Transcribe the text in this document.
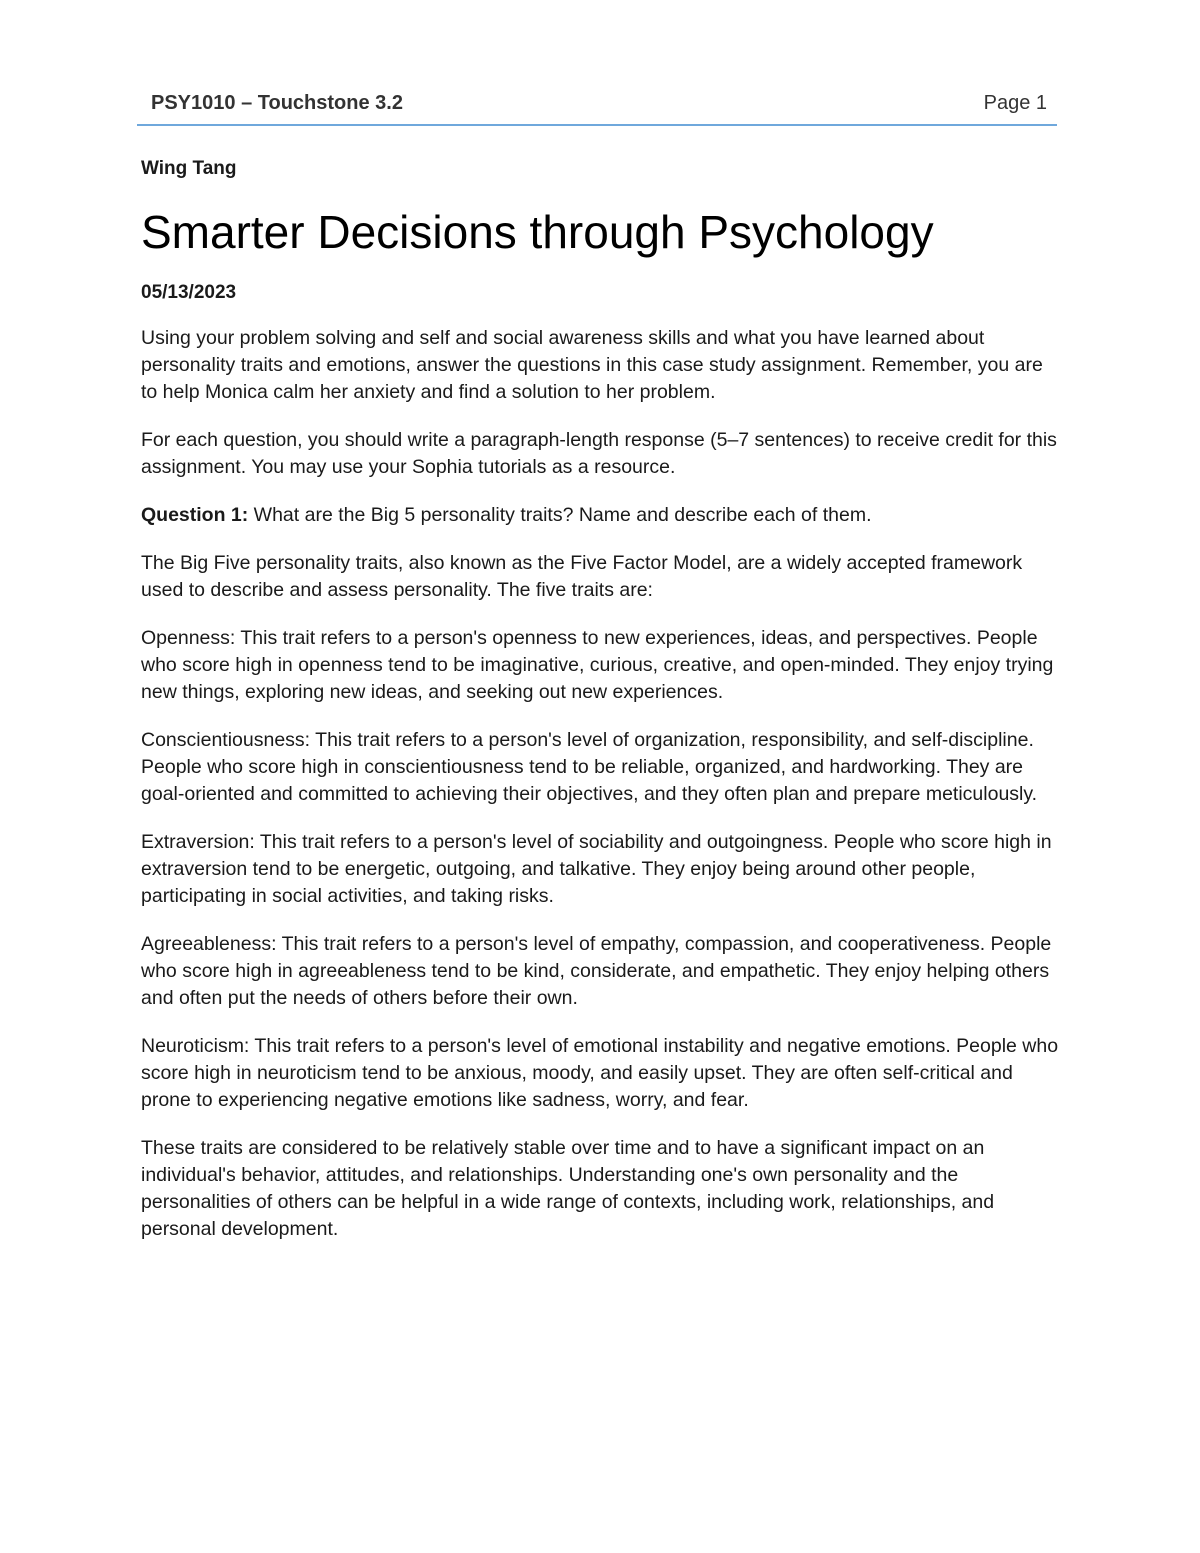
PSY1010 – Touchstone 3.2	Page 1
Wing Tang
Smarter Decisions through Psychology
05/13/2023

Using your problem solving and self and social awareness skills and what you have learned about personality traits and emotions, answer the questions in this case study assignment. Remember, you are to help Monica calm her anxiety and find a solution to her problem.

For each question, you should write a paragraph-length response (5–7 sentences) to receive credit for this assignment. You may use your Sophia tutorials as a resource.

Question 1: What are the Big 5 personality traits? Name and describe each of them.

The Big Five personality traits, also known as the Five Factor Model, are a widely accepted framework used to describe and assess personality. The five traits are:

Openness: This trait refers to a person's openness to new experiences, ideas, and perspectives. People who score high in openness tend to be imaginative, curious, creative, and open-minded. They enjoy trying new things, exploring new ideas, and seeking out new experiences.

Conscientiousness: This trait refers to a person's level of organization, responsibility, and self-discipline. People who score high in conscientiousness tend to be reliable, organized, and hardworking. They are goal-oriented and committed to achieving their objectives, and they often plan and prepare meticulously.

Extraversion: This trait refers to a person's level of sociability and outgoingness. People who score high in extraversion tend to be energetic, outgoing, and talkative. They enjoy being around other people, participating in social activities, and taking risks.

Agreeableness: This trait refers to a person's level of empathy, compassion, and cooperativeness. People who score high in agreeableness tend to be kind, considerate, and empathetic. They enjoy helping others and often put the needs of others before their own.

Neuroticism: This trait refers to a person's level of emotional instability and negative emotions. People who score high in neuroticism tend to be anxious, moody, and easily upset. They are often self-critical and prone to experiencing negative emotions like sadness, worry, and fear.

These traits are considered to be relatively stable over time and to have a significant impact on an individual's behavior, attitudes, and relationships. Understanding one's own personality and the personalities of others can be helpful in a wide range of contexts, including work, relationships, and personal development.
